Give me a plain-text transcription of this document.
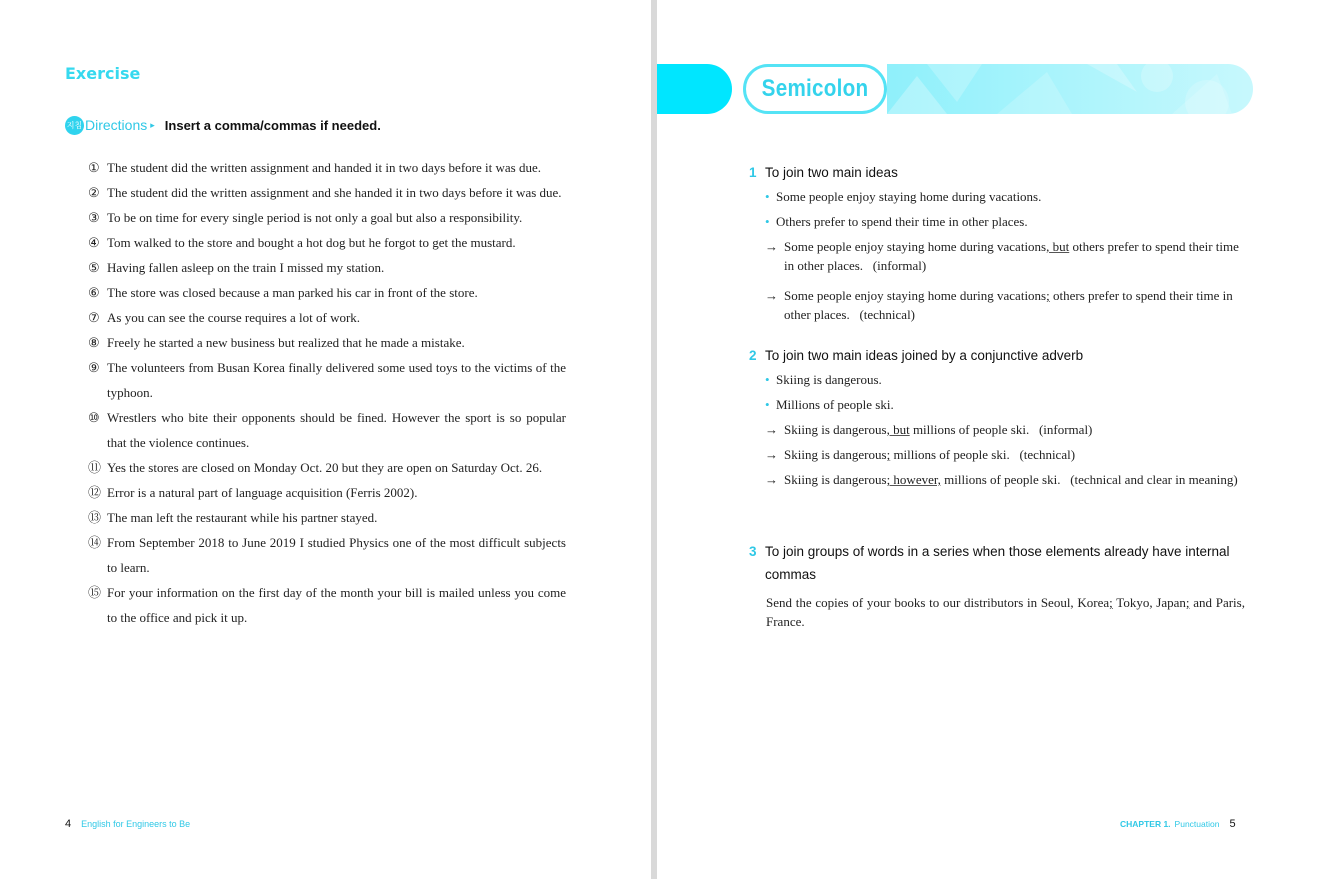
Exercise
지침 Directions ▸ Insert a comma/commas if needed.
① The student did the written assignment and handed it in two days before it was due.
② The student did the written assignment and she handed it in two days before it was due.
③ To be on time for every single period is not only a goal but also a responsibility.
④ Tom walked to the store and bought a hot dog but he forgot to get the mustard.
⑤ Having fallen asleep on the train I missed my station.
⑥ The store was closed because a man parked his car in front of the store.
⑦ As you can see the course requires a lot of work.
⑧ Freely he started a new business but realized that he made a mistake.
⑨ The volunteers from Busan Korea finally delivered some used toys to the victims of the typhoon.
⑩ Wrestlers who bite their opponents should be fined. However the sport is so popular that the violence continues.
⑪ Yes the stores are closed on Monday Oct. 20 but they are open on Saturday Oct. 26.
⑫ Error is a natural part of language acquisition (Ferris 2002).
⑬ The man left the restaurant while his partner stayed.
⑭ From September 2018 to June 2019 I studied Physics one of the most difficult subjects to learn.
⑮ For your information on the first day of the month your bill is mailed unless you come to the office and pick it up.
4 English for Engineers to Be
Semicolon
1 To join two main ideas
• Some people enjoy staying home during vacations.
• Others prefer to spend their time in other places.
→ Some people enjoy staying home during vacations, but others prefer to spend their time in other places.   (informal)
→ Some people enjoy staying home during vacations; others prefer to spend their time in other places.   (technical)
2 To join two main ideas joined by a conjunctive adverb
• Skiing is dangerous.
• Millions of people ski.
→ Skiing is dangerous, but millions of people ski.   (informal)
→ Skiing is dangerous; millions of people ski.   (technical)
→ Skiing is dangerous; however, millions of people ski.   (technical and clear in meaning)
3 To join groups of words in a series when those elements already have internal commas
Send the copies of your books to our distributors in Seoul, Korea; Tokyo, Japan; and Paris, France.
CHAPTER 1. Punctuation 5
